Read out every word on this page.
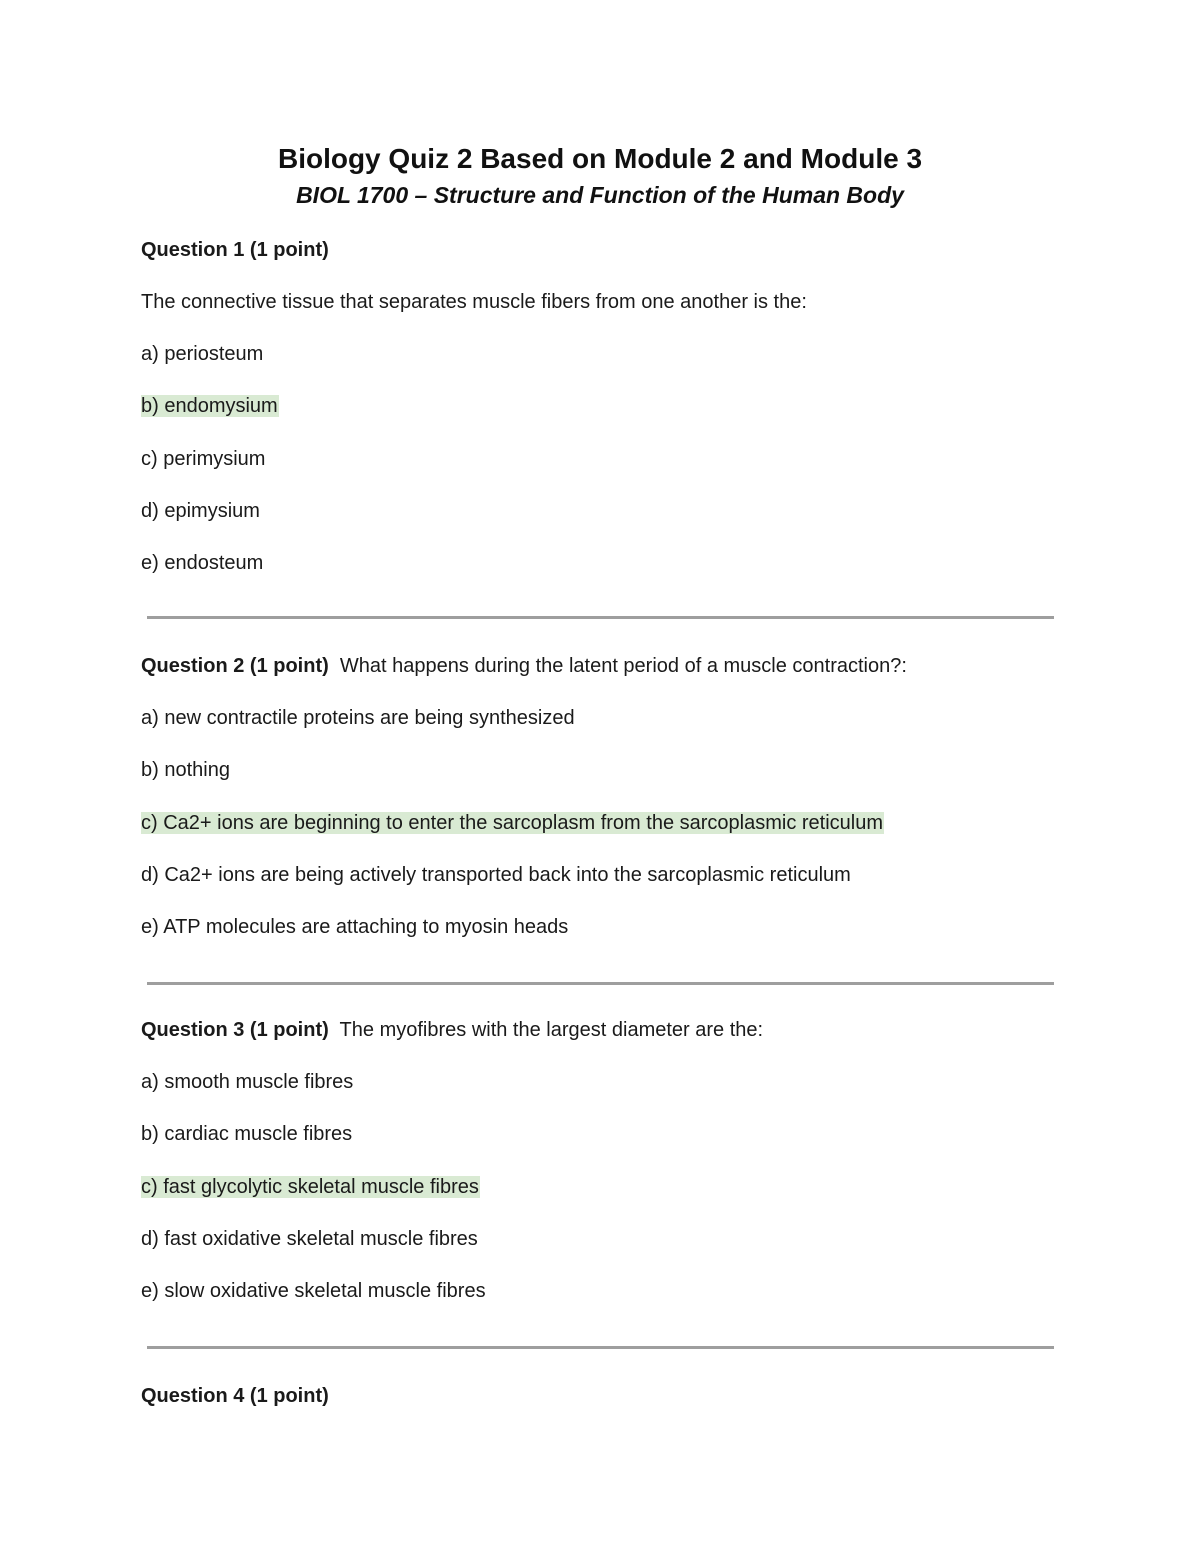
Biology Quiz 2 Based on Module 2 and Module 3
BIOL 1700 – Structure and Function of the Human Body
Question 1 (1 point)
The connective tissue that separates muscle fibers from one another is the:
a) periosteum
b) endomysium
c) perimysium
d) epimysium
e) endosteum
Question 2 (1 point) What happens during the latent period of a muscle contraction?:
a) new contractile proteins are being synthesized
b) nothing
c) Ca2+ ions are beginning to enter the sarcoplasm from the sarcoplasmic reticulum
d) Ca2+ ions are being actively transported back into the sarcoplasmic reticulum
e) ATP molecules are attaching to myosin heads
Question 3 (1 point) The myofibres with the largest diameter are the:
a) smooth muscle fibres
b) cardiac muscle fibres
c) fast glycolytic skeletal muscle fibres
d) fast oxidative skeletal muscle fibres
e) slow oxidative skeletal muscle fibres
Question 4 (1 point)
